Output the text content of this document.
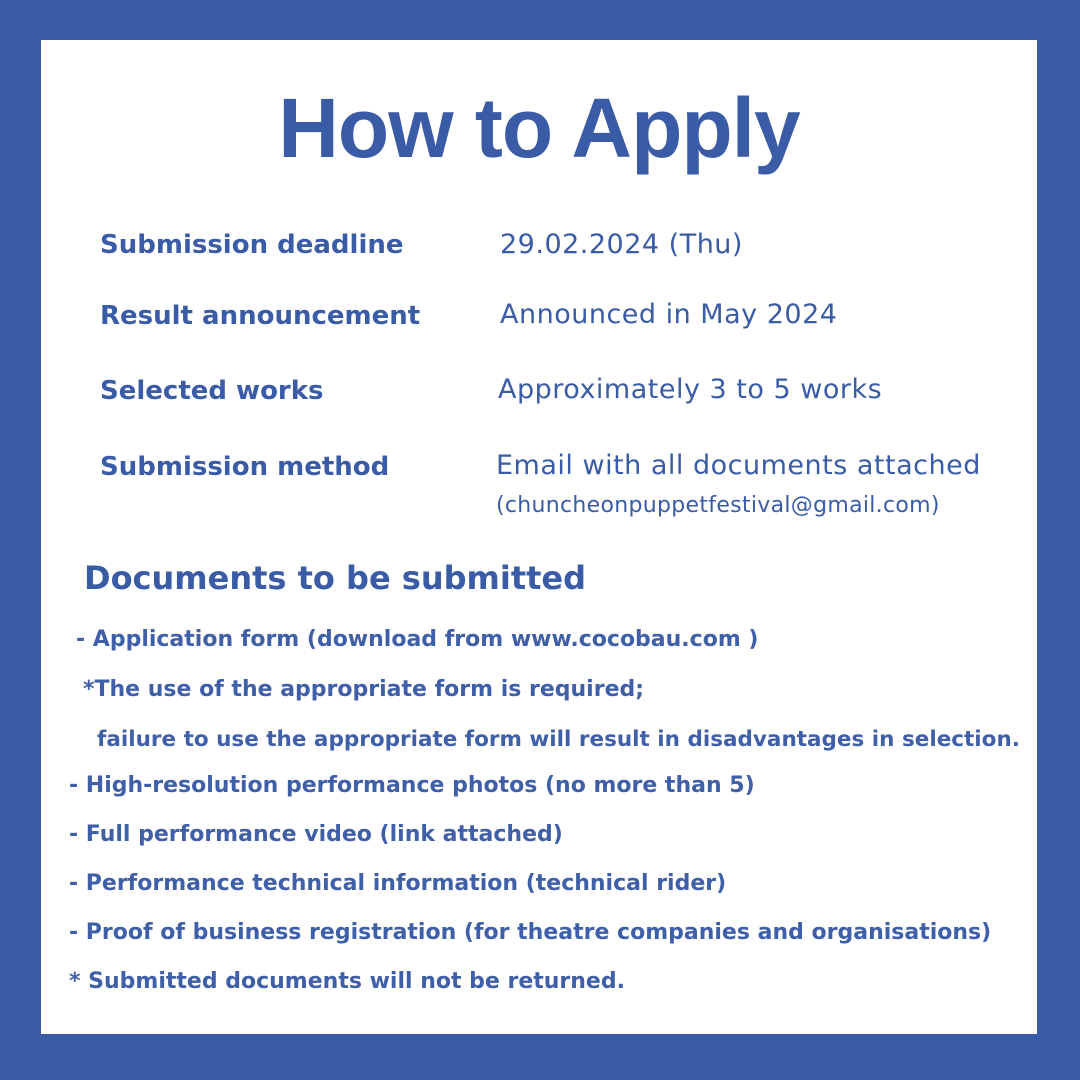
How to Apply
Submission deadline	29.02.2024 (Thu)
Result announcement	Announced in May 2024
Selected works	Approximately 3 to 5 works
Submission method	Email with all documents attached
(chuncheonpuppetfestival@gmail.com)
Documents to be submitted
- Application form (download from www.cocobau.com )
*The use of the appropriate form is required;
failure to use the appropriate form will result in disadvantages in selection.
- High-resolution performance photos (no more than 5)
- Full performance video (link attached)
- Performance technical information (technical rider)
- Proof of business registration (for theatre companies and organisations)
* Submitted documents will not be returned.
